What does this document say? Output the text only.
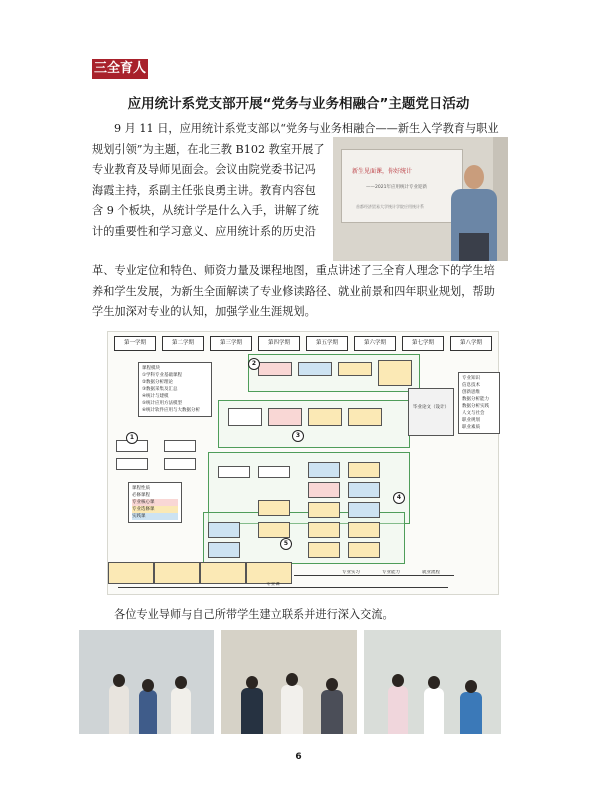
三全育人
应用统计系党支部开展“党务与业务相融合”主题党日活动
9 月 11 日，应用统计系党支部以“党务与业务相融合——新生入学教育与职业
规划引领”为主题，在北三教 B102 教室开展了
专业教育及导师见面会。会议由院党委书记冯
海霞主持，系副主任张良勇主讲。教育内容包
含 9 个板块，从统计学是什么入手，讲解了统
计的重要性和学习意义、应用统计系的历史沿
新生见面课，你好统计
——2021年应用统计专业迎新
首都经济贸易大学统计学院应用统计系
革、专业定位和特色、师资力量及课程地图，重点讲述了三全育人理念下的学生培
养和学生发展，为新生全面解读了专业修读路径、就业前景和四年职业规划，帮助
学生加深对专业的认知，加强学业生涯规划。
第一学期	第二学期	第三学期	第四学期	第五学期	第六学期	第七学期	第八学期
课程模块
①学科专业基础课程
②数据分析理论
③数据采集及汇总
④统计与建模
⑤统计应用方法模型
⑥统计软件应用与大数据分析
毕业论文（设计）
专业知识
信息技术
创新思维
数据分析能力
数据分析实践
人文与社会
职业规划
职业素质
课程性质
必修课程
专业核心课
专业选修课
实践课
2
1	3
4
5
专业实习	专业能力	就业流程
专业课

各位专业导师与自己所带学生建立联系并进行深入交流。

6
